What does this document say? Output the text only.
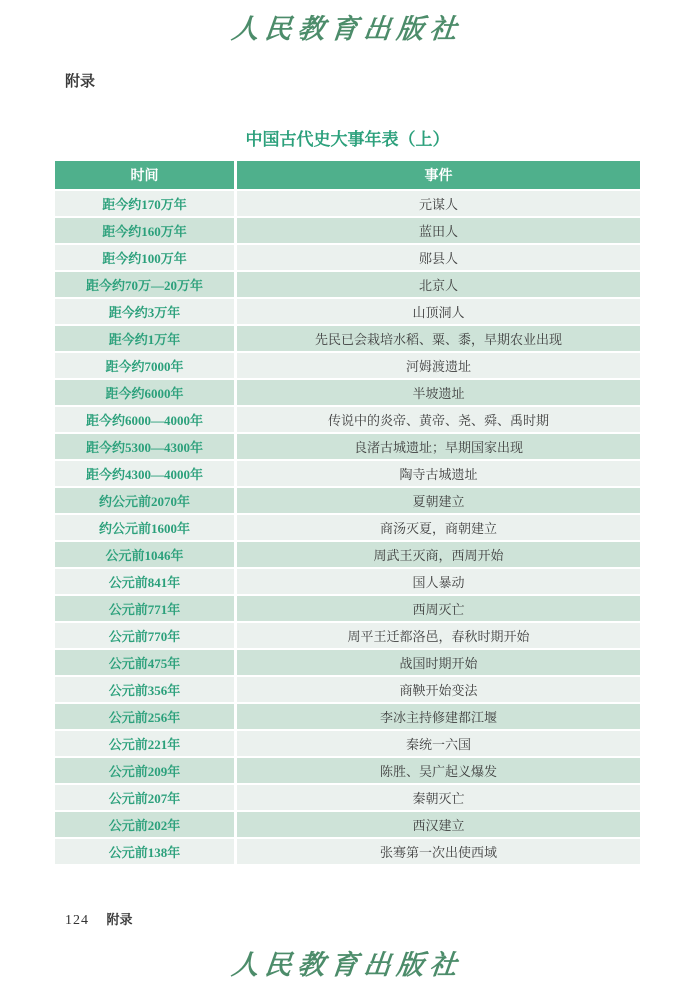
人民教育出版社
附录
中国古代史大事年表（上）
时间	事件
距今约170万年	元谋人
距今约160万年	蓝田人
距今约100万年	郧县人
距今约70万—20万年	北京人
距今约3万年	山顶洞人
距今约1万年	先民已会栽培水稻、粟、黍，早期农业出现
距今约7000年	河姆渡遗址
距今约6000年	半坡遗址
距今约6000—4000年	传说中的炎帝、黄帝、尧、舜、禹时期
距今约5300—4300年	良渚古城遗址；早期国家出现
距今约4300—4000年	陶寺古城遗址
约公元前2070年	夏朝建立
约公元前1600年	商汤灭夏，商朝建立
公元前1046年	周武王灭商，西周开始
公元前841年	国人暴动
公元前771年	西周灭亡
公元前770年	周平王迁都洛邑，春秋时期开始
公元前475年	战国时期开始
公元前356年	商鞅开始变法
公元前256年	李冰主持修建都江堰
公元前221年	秦统一六国
公元前209年	陈胜、吴广起义爆发
公元前207年	秦朝灭亡
公元前202年	西汉建立
公元前138年	张骞第一次出使西域
124 附录
人民教育出版社
